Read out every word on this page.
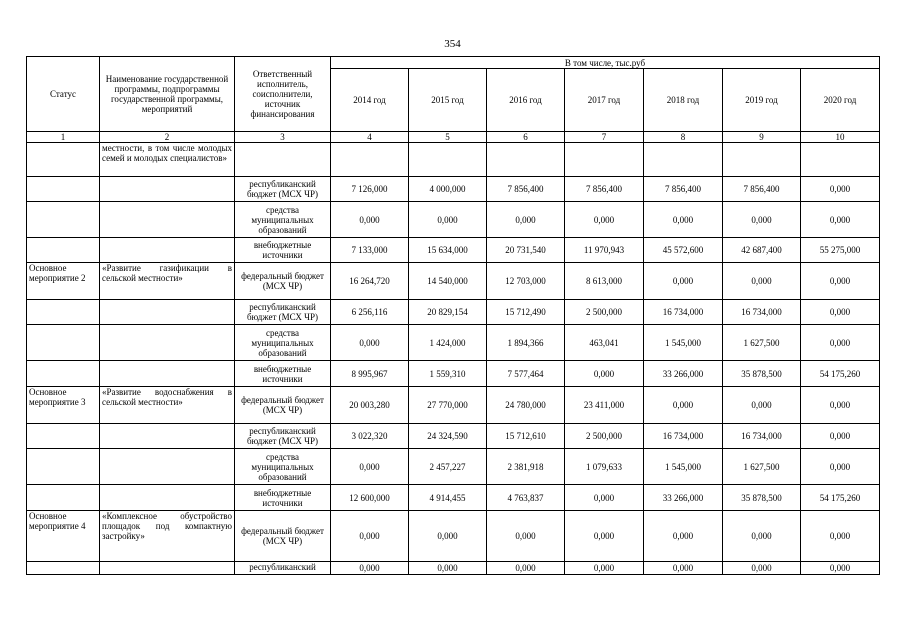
354
Статус	Наименование государственной программы, подпрограммы государственной программы, мероприятий	Ответственный исполнитель, соисполнители, источник финансирования	В том числе, тыс.руб						
			2014 год	2015 год	2016 год	2017 год	2018 год	2019 год	2020 год
1	2	3	4	5	6	7	8	9	10
	местности, в том числе молодых семей и молодых специалистов»								
		республиканский бюджет (МСХ ЧР)	7 126,000	4 000,000	7 856,400	7 856,400	7 856,400	7 856,400	0,000
		средства муниципальных образований	0,000	0,000	0,000	0,000	0,000	0,000	0,000
		внебюджетные источники	7 133,000	15 634,000	20 731,540	11 970,943	45 572,600	42 687,400	55 275,000
Основное мероприятие 2	«Развитие газификации в сельской местности»	федеральный бюджет (МСХ ЧР)	16 264,720	14 540,000	12 703,000	8 613,000	0,000	0,000	0,000
		республиканский бюджет (МСХ ЧР)	6 256,116	20 829,154	15 712,490	2 500,000	16 734,000	16 734,000	0,000
		средства муниципальных образований	0,000	1 424,000	1 894,366	463,041	1 545,000	1 627,500	0,000
		внебюджетные источники	8 995,967	1 559,310	7 577,464	0,000	33 266,000	35 878,500	54 175,260
Основное мероприятие 3	«Развитие водоснабжения в сельской местности»	федеральный бюджет (МСХ ЧР)	20 003,280	27 770,000	24 780,000	23 411,000	0,000	0,000	0,000
		республиканский бюджет (МСХ ЧР)	3 022,320	24 324,590	15 712,610	2 500,000	16 734,000	16 734,000	0,000
		средства муниципальных образований	0,000	2 457,227	2 381,918	1 079,633	1 545,000	1 627,500	0,000
		внебюджетные источники	12 600,000	4 914,455	4 763,837	0,000	33 266,000	35 878,500	54 175,260
Основное мероприятие 4	«Комплексное обустройство площадок под компактную застройку»	федеральный бюджет (МСХ ЧР)	0,000	0,000	0,000	0,000	0,000	0,000	0,000
		республиканский	0,000	0,000	0,000	0,000	0,000	0,000	0,000
